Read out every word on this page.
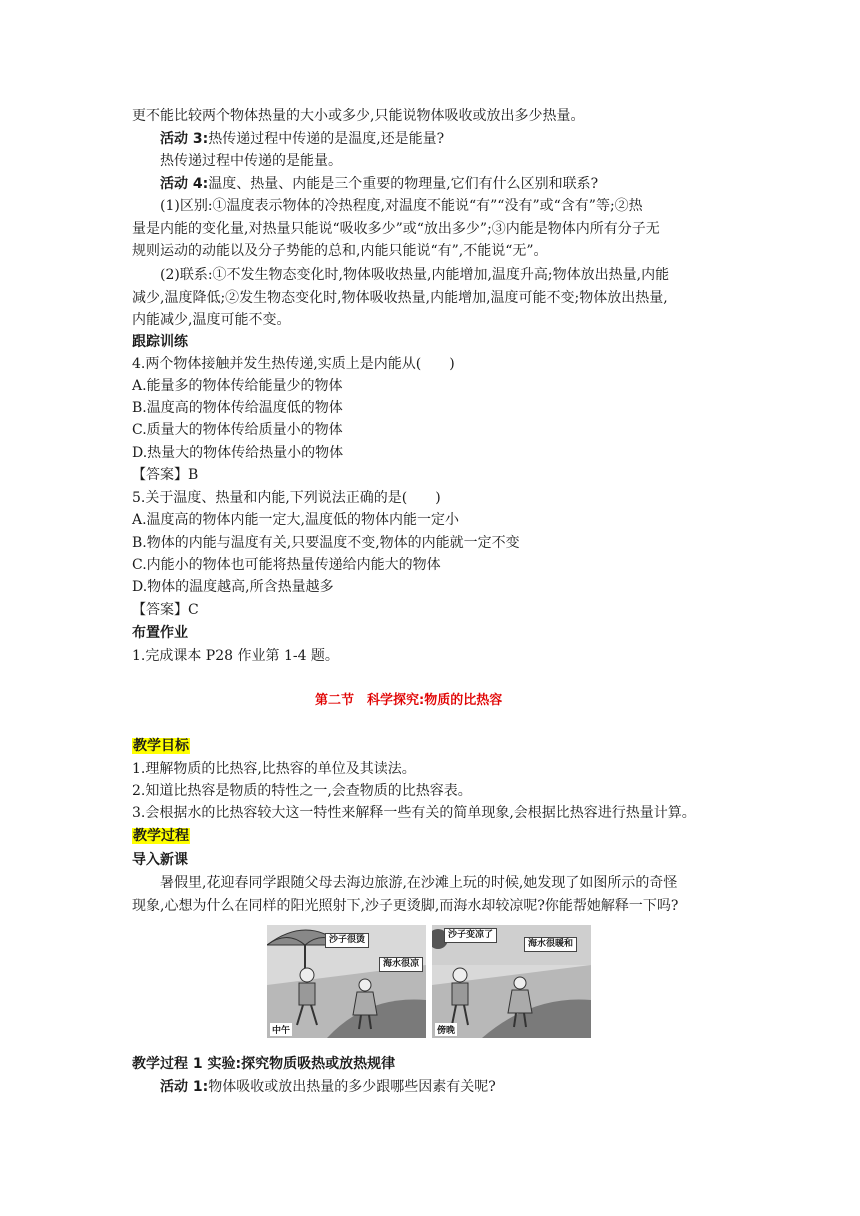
更不能比较两个物体热量的大小或多少,只能说物体吸收或放出多少热量。
活动 3:热传递过程中传递的是温度,还是能量?
热传递过程中传递的是能量。
活动 4:温度、热量、内能是三个重要的物理量,它们有什么区别和联系?
(1)区别:①温度表示物体的冷热程度,对温度不能说“有”“没有”或“含有”等;②热
量是内能的变化量,对热量只能说“吸收多少”或“放出多少”;③内能是物体内所有分子无
规则运动的动能以及分子势能的总和,内能只能说“有”,不能说“无”。
(2)联系:①不发生物态变化时,物体吸收热量,内能增加,温度升高;物体放出热量,内能
减少,温度降低;②发生物态变化时,物体吸收热量,内能增加,温度可能不变;物体放出热量,
内能减少,温度可能不变。
跟踪训练
4.两个物体接触并发生热传递,实质上是内能从(　　)
A.能量多的物体传给能量少的物体
B.温度高的物体传给温度低的物体
C.质量大的物体传给质量小的物体
D.热量大的物体传给热量小的物体
【答案】B
5.关于温度、热量和内能,下列说法正确的是(　　)
A.温度高的物体内能一定大,温度低的物体内能一定小
B.物体的内能与温度有关,只要温度不变,物体的内能就一定不变
C.内能小的物体也可能将热量传递给内能大的物体
D.物体的温度越高,所含热量越多
【答案】C
布置作业
1.完成课本 P28 作业第 1-4 题。
第二节　科学探究:物质的比热容
教学目标
1.理解物质的比热容,比热容的单位及其读法。
2.知道比热容是物质的特性之一,会查物质的比热容表。
3.会根据水的比热容较大这一特性来解释一些有关的简单现象,会根据比热容进行热量计算。
教学过程
导入新课
暑假里,花迎春同学跟随父母去海边旅游,在沙滩上玩的时候,她发现了如图所示的奇怪
现象,心想为什么在同样的阳光照射下,沙子更烫脚,而海水却较凉呢?你能帮她解释一下吗?
沙子很烫
海水很凉
中午
沙子变凉了
海水很暖和
傍晚
教学过程 1 实验:探究物质吸热或放热规律
活动 1:物体吸收或放出热量的多少跟哪些因素有关呢?
